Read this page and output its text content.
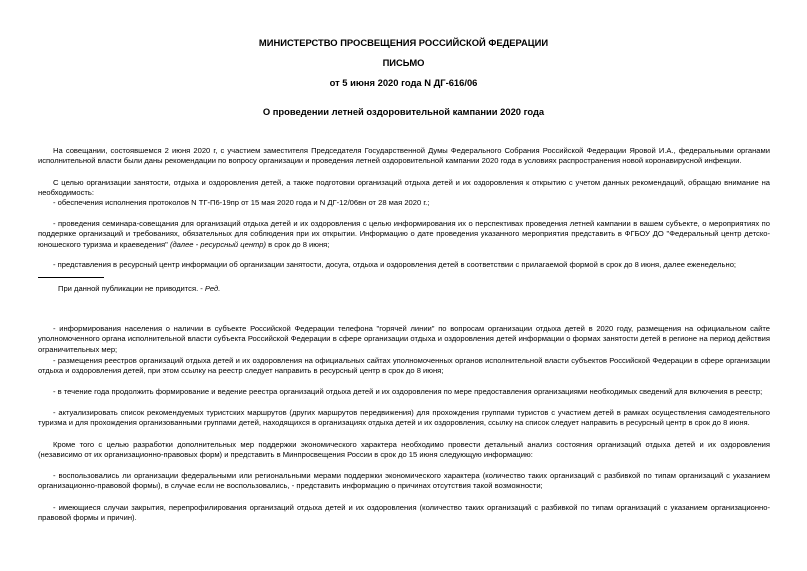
МИНИСТЕРСТВО ПРОСВЕЩЕНИЯ РОССИЙСКОЙ ФЕДЕРАЦИИ
ПИСЬМО
от 5 июня 2020 года N ДГ-616/06
О проведении летней оздоровительной кампании 2020 года

На совещании, состоявшемся 2 июня 2020 г, с участием заместителя Председателя Государственной Думы Федерального Собрания Российской Федерации Яровой И.А., федеральными органами исполнительной власти были даны рекомендации по вопросу организации и проведения летней оздоровительной кампании 2020 года в условиях распространения новой коронавирусной инфекции.

С целью организации занятости, отдыха и оздоровления детей, а также подготовки организаций отдыха детей и их оздоровления к открытию с учетом данных рекомендаций, обращаю внимание на необходимость:

- обеспечения исполнения протоколов N ТГ-П6-19пр от 15 мая 2020 года и N ДГ-12/06вн от 28 мая 2020 г.;

- проведения семинара-совещания для организаций отдыха детей и их оздоровления с целью информирования их о перспективах проведения летней кампании в вашем субъекте, о мероприятиях по поддержке организаций и требованиях, обязательных для соблюдения при их открытии. Информацию о дате проведения указанного мероприятия представить в ФГБОУ ДО "Федеральный центр детско-юношеского туризма и краеведения" (далее - ресурсный центр) в срок до 8 июня;

- представления в ресурсный центр информации об организации занятости, досуга, отдыха и оздоровления детей в соответствии с прилагаемой формой в срок до 8 июня, далее еженедельно;

При данной публикации не приводится. - Ред.

- информирования населения о наличии в субъекте Российской Федерации телефона "горячей линии" по вопросам организации отдыха детей в 2020 году, размещения на официальном сайте уполномоченного органа исполнительной власти субъекта Российской Федерации в сфере организации отдыха и оздоровления детей информации о формах занятости детей в регионе на период действия ограничительных мер;

- размещения реестров организаций отдыха детей и их оздоровления на официальных сайтах уполномоченных органов исполнительной власти субъектов Российской Федерации в сфере организации отдыха и оздоровления детей, при этом ссылку на реестр следует направить в ресурсный центр в срок до 8 июня;

- в течение года продолжить формирование и ведение реестра организаций отдыха детей и их оздоровления по мере предоставления организациями необходимых сведений для включения в реестр;

- актуализировать список рекомендуемых туристских маршрутов (других маршрутов передвижения) для прохождения группами туристов с участием детей в рамках осуществления самодеятельного туризма и для прохождения организованными группами детей, находящихся в организациях отдыха детей и их оздоровления, ссылку на список следует направить в ресурсный центр в срок до 8 июня.

Кроме того с целью разработки дополнительных мер поддержки экономического характера необходимо провести детальный анализ состояния организаций отдыха детей и их оздоровления (независимо от их организационно-правовых форм) и представить в Минпросвещения России в срок до 15 июня следующую информацию:

- воспользовались ли организации федеральными или региональными мерами поддержки экономического характера (количество таких организаций с разбивкой по типам организаций с указанием организационно-правовой формы), в случае если не воспользовались, - представить информацию о причинах отсутствия такой возможности;

- имеющиеся случаи закрытия, перепрофилирования организаций отдыха детей и их оздоровления (количество таких организаций с разбивкой по типам организаций с указанием организационно-правовой формы и причин).
